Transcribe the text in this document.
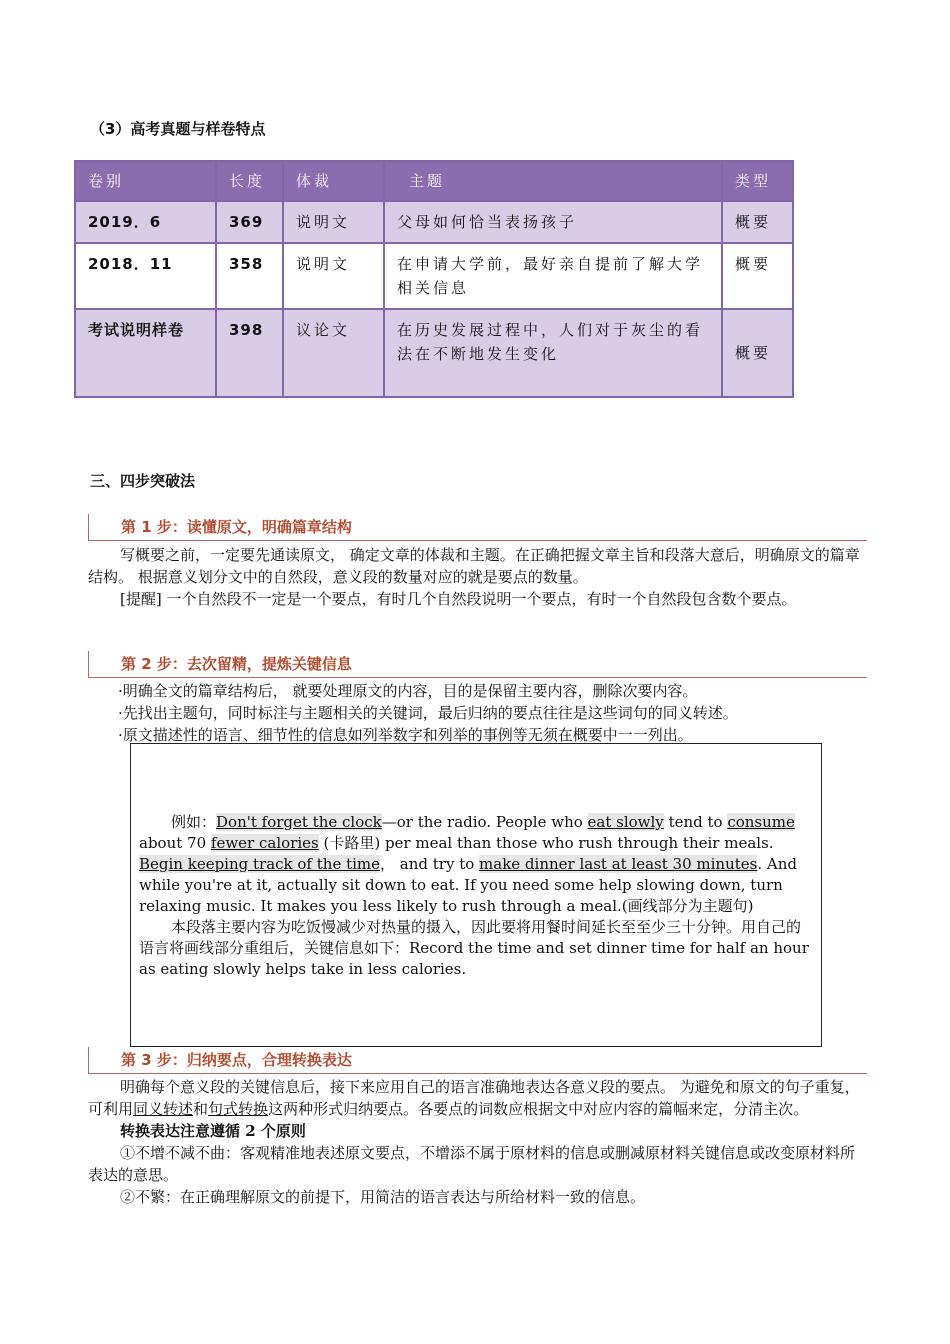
（3）高考真题与样卷特点
卷别	长度	体裁	主题	类型
2019．6	369	说明文	父母如何恰当表扬孩子	概要
2018．11	358	说明文	在申请大学前，最好亲自提前了解大学相关信息	概要
考试说明样卷	398	议论文	在历史发展过程中，人们对于灰尘的看法在不断地发生变化	概要
三、四步突破法
第 1 步：读懂原文，明确篇章结构

写概要之前，一定要先通读原文， 确定文章的体裁和主题。在正确把握文章主旨和段落大意后，明确原文的篇章结构。 根据意义划分文中的自然段，意义段的数量对应的就是要点的数量。

[提醒] 一个自然段不一定是一个要点，有时几个自然段说明一个要点，有时一个自然段包含数个要点。

第 2 步：去次留精，提炼关键信息

·明确全文的篇章结构后， 就要处理原文的内容，目的是保留主要内容，删除次要内容。

·先找出主题句，同时标注与主题相关的关键词，最后归纳的要点往往是这些词句的同义转述。

·原文描述性的语言、细节性的信息如列举数字和列举的事例等无须在概要中一一列出。

例如：Don't forget the clock—or the radio. People who eat slowly tend to consume about 70 fewer calories (卡路里) per meal than those who rush through their meals. Begin keeping track of the time， and try to make dinner last at least 30 minutes. And while you're at it, actually sit down to eat. If you need some help slowing down, turn relaxing music. It makes you less likely to rush through a meal.(画线部分为主题句)

本段落主要内容为吃饭慢减少对热量的摄入，因此要将用餐时间延长至至少三十分钟。用自己的语言将画线部分重组后，关键信息如下：Record the time and set dinner time for half an hour as eating slowly helps take in less calories.

第 3 步：归纳要点，合理转换表达

明确每个意义段的关键信息后，接下来应用自己的语言准确地表达各意义段的要点。 为避免和原文的句子重复， 可利用同义转述和句式转换这两种形式归纳要点。各要点的词数应根据文中对应内容的篇幅来定，分清主次。

转换表达注意遵循 2 个原则

①不增不减不曲：客观精准地表述原文要点，不增添不属于原材料的信息或删减原材料关键信息或改变原材料所表达的意思。

②不繁：在正确理解原文的前提下，用简洁的语言表达与所给材料一致的信息。
